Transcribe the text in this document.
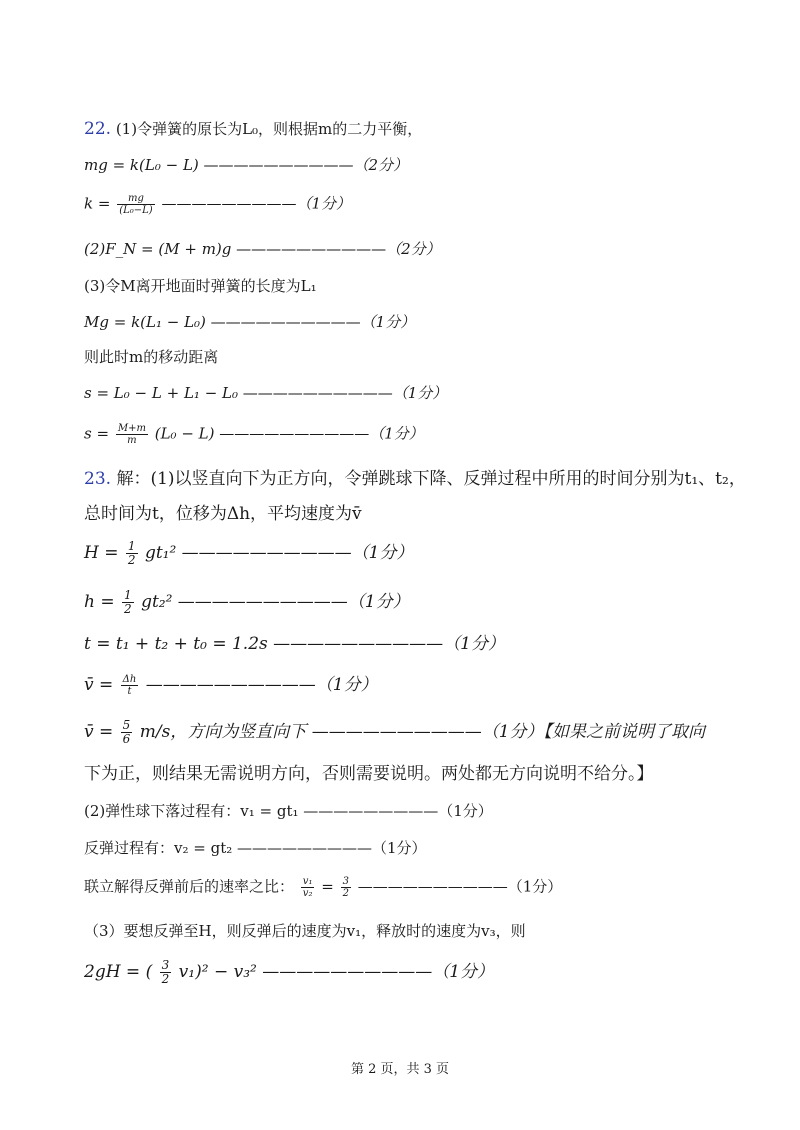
22. (1)令弹簧的原长为L₀，则根据m的二力平衡，
mg = k(L₀ − L) ——————————（2分）
$k = \frac{mg}{\text{(L₀−L)}}$ —————————（1分）
(2)F_N = (M + m)g ——————————（2分）
(3)令M离开地面时弹簧的长度为L₁
Mg = k(L₁ − L₀) ——————————（1分）
则此时m的移动距离
s = L₀ − L + L₁ − L₀ ——————————（1分）
$s = \frac{M+m}{m} (L_0 - L)$ ——————————（1分）
23. 解：(1)以竖直向下为正方向，令弹跳球下降、反弹过程中所用的时间分别为t₁、t₂，
总时间为t，位移为Δh，平均速度为v̄
$H = \frac{1}{2} gt_1^2$ ——————————（1分）
$h = \frac{1}{2} gt_2^2$ ——————————（1分）
t = t₁ + t₂ + t₀ = 1.2s ——————————（1分）
v̄ = $\frac{\Delta h}{t}$ ——————————（1分）
v̄ = $\frac{5}{6} m/s$，方向为竖直向下 ——————————（1分）【如果之前说明了取向
下为正，则结果无需说明方向，否则需要说明。两处都无方向说明不给分。】
(2)弹性球下落过程有：v₁ = gt₁ —————————（1分）
反弹过程有：v₂ = gt₂ —————————（1分）
联立解得反弹前后的速率之比： $\frac{\text{v₁}}{\text{v₂}} = \frac{3}{2}$ ——————————（1分）
（3）要想反弹至H，则反弹后的速度为v₁，释放时的速度为v₃，则
2gH = ( $\frac{3}{2} v_1)^2 - v_3^2$ ——————————（1分）
第 2 页，共 3 页
